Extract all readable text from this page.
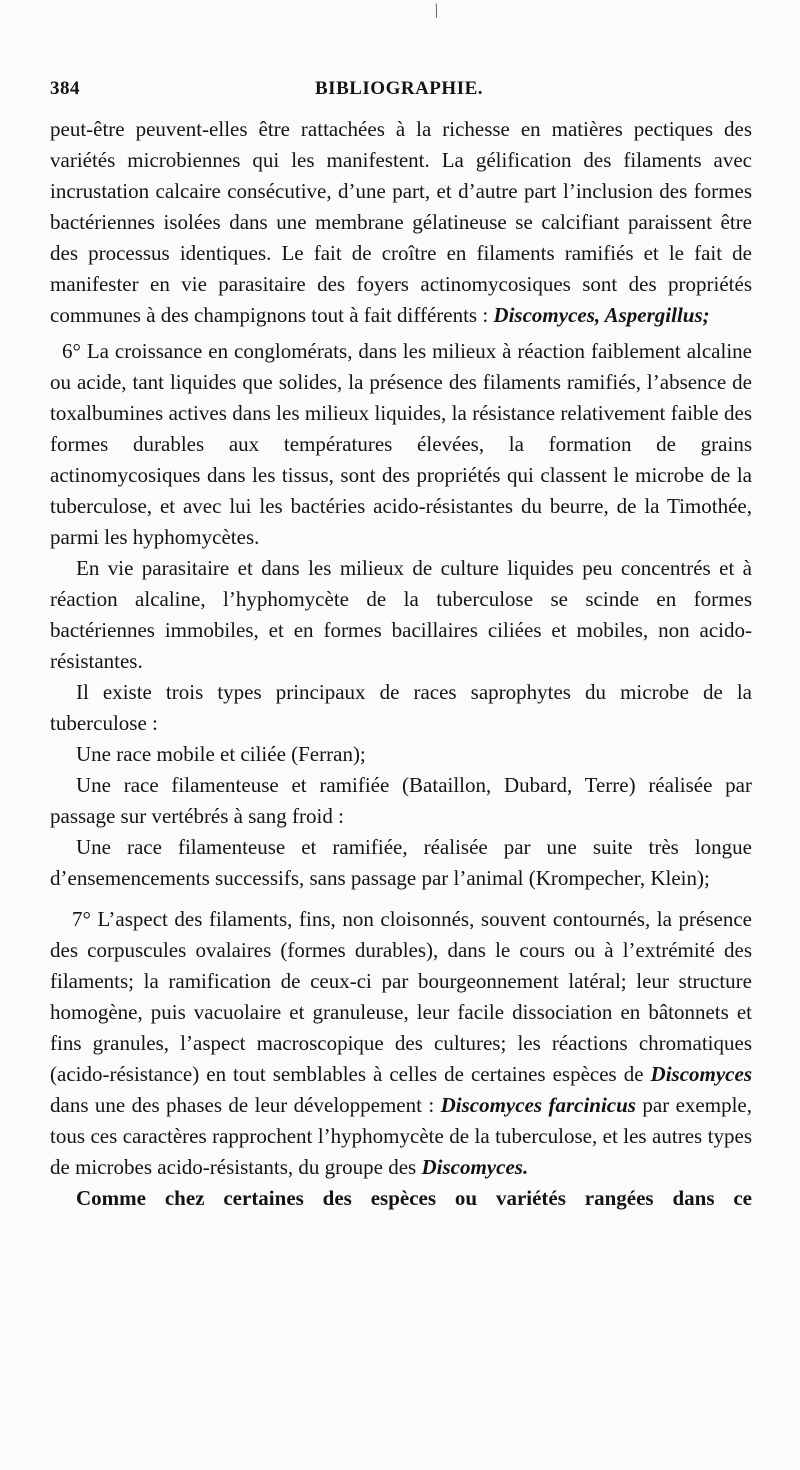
/
384	BIBLIOGRAPHIE.

peut-être peuvent-elles être rattachées à la richesse en matières pectiques des variétés microbiennes qui les manifestent. La gélification des filaments avec incrustation calcaire consécutive, d’une part, et d’autre part l’inclusion des formes bactériennes isolées dans une membrane gélatineuse se calcifiant paraissent être des processus identiques. Le fait de croître en filaments ramifiés et le fait de manifester en vie parasitaire des foyers actinomycosiques sont des propriétés communes à des champignons tout à fait différents : Discomyces, Aspergillus;

6° La croissance en conglomérats, dans les milieux à réaction faiblement alcaline ou acide, tant liquides que solides, la présence des filaments ramifiés, l’absence de toxalbumines actives dans les milieux liquides, la résistance relativement faible des formes durables aux températures élevées, la formation de grains actinomycosiques dans les tissus, sont des propriétés qui classent le microbe de la tuberculose, et avec lui les bactéries acido-résistantes du beurre, de la Timothée, parmi les hyphomycètes.

En vie parasitaire et dans les milieux de culture liquides peu concentrés et à réaction alcaline, l’hyphomycète de la tuberculose se scinde en formes bactériennes immobiles, et en formes bacillaires ciliées et mobiles, non acido-résistantes.

Il existe trois types principaux de races saprophytes du microbe de la tuberculose :

Une race mobile et ciliée (Ferran);

Une race filamenteuse et ramifiée (Bataillon, Dubard, Terre) réalisée par passage sur vertébrés à sang froid :

Une race filamenteuse et ramifiée, réalisée par une suite très longue d’ensemencements successifs, sans passage par l’animal (Krompecher, Klein);

7° L’aspect des filaments, fins, non cloisonnés, souvent contournés, la présence des corpuscules ovalaires (formes durables), dans le cours ou à l’extrémité des filaments; la ramification de ceux-ci par bourgeonnement latéral; leur structure homogène, puis vacuolaire et granuleuse, leur facile dissociation en bâtonnets et fins granules, l’aspect macroscopique des cultures; les réactions chromatiques (acido-résistance) en tout semblables à celles de certaines espèces de Discomyces dans une des phases de leur développement : Discomyces farcinicus par exemple, tous ces caractères rapprochent l’hyphomycète de la tuberculose, et les autres types de microbes acido-résistants, du groupe des Discomyces.

Comme chez certaines des espèces ou variétés rangées dans ce
